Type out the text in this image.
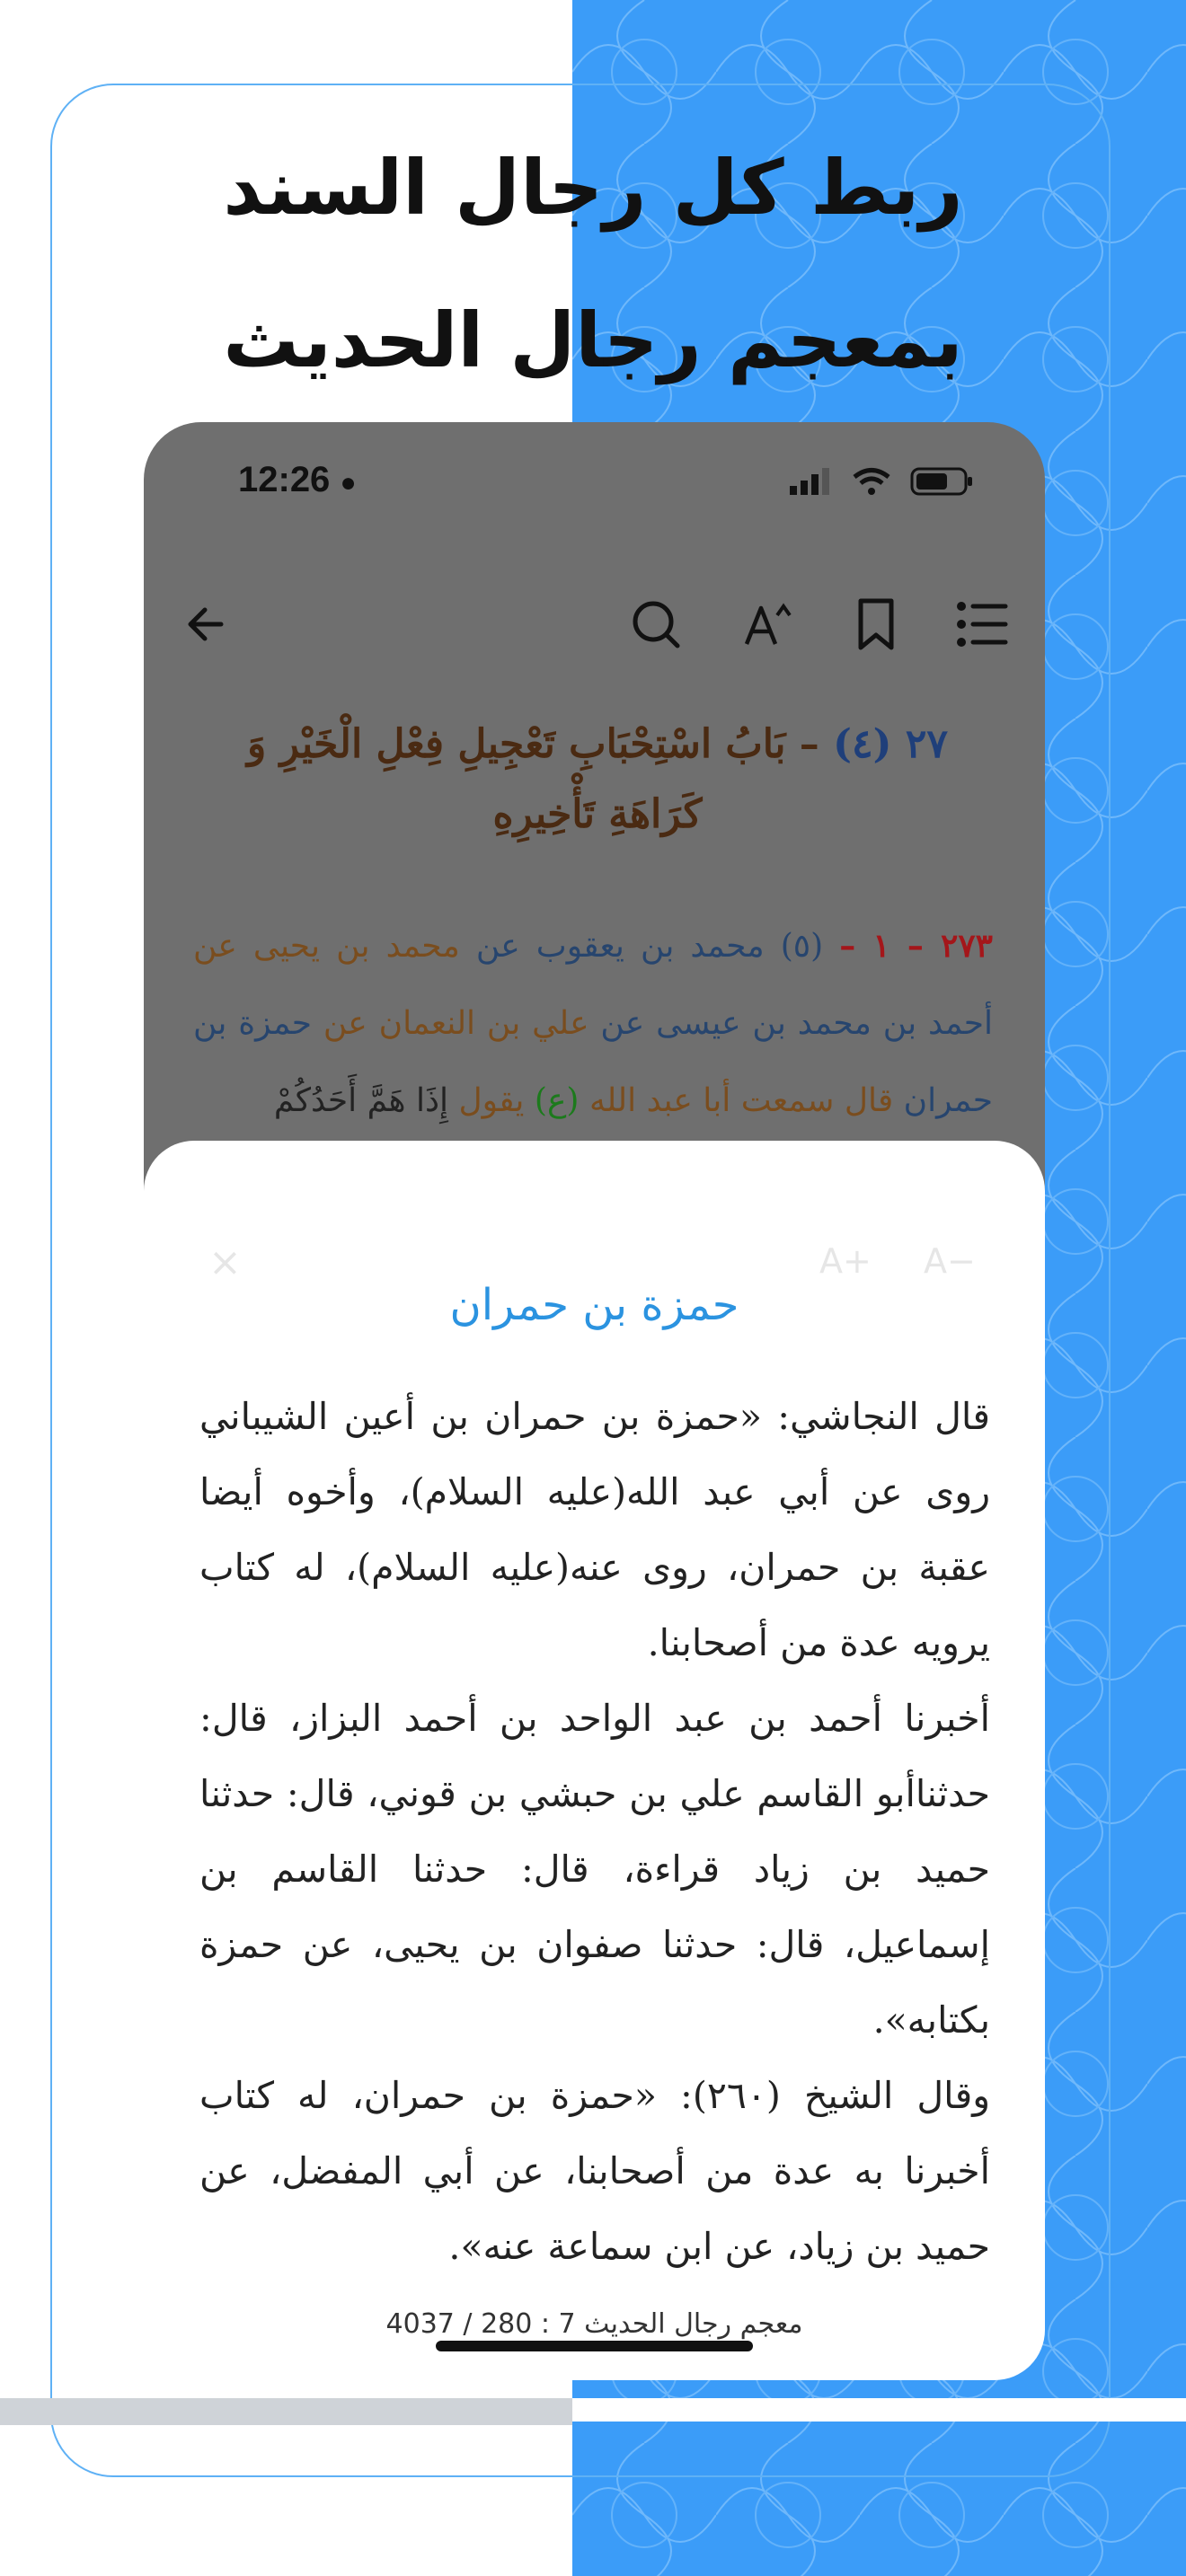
ربط كل رجال السند
بمعجم رجال الحديث
12:26 ●
٢٧ (٤) – بَابُ اسْتِحْبَابِ تَعْجِيلِ فِعْلِ الْخَيْرِ وَ كَرَاهَةِ تَأْخِيرِهِ
٢٧٣ – ١ – (٥) محمد بن يعقوب عن محمد بن يحيى عن أحمد بن محمد بن عيسى عن علي بن النعمان عن حمزة بن حمران قال سمعت أبا عبد الله (ع) يقول إِذَا هَمَّ أَحَدُكُمْ
×	A+ A−
حمزة بن حمران

قال النجاشي: «حمزة بن حمران بن أعين الشيباني روى عن أبي عبد الله(عليه السلام)، وأخوه أيضا عقبة بن حمران، روى عنه(عليه السلام)، له كتاب يرويه عدة من أصحابنا.

أخبرنا أحمد بن عبد الواحد بن أحمد البزاز، قال: حدثناأبو القاسم علي بن حبشي بن قوني، قال: حدثنا حميد بن زياد قراءة، قال: حدثنا القاسم بن إسماعيل، قال: حدثنا صفوان بن يحيى، عن حمزة بكتابه».

وقال الشيخ (٢٦٠): «حمزة بن حمران، له كتاب أخبرنا به عدة من أصحابنا، عن أبي المفضل، عن حميد بن زياد، عن ابن سماعة عنه».

معجم رجال الحديث 7 : 280 / 4037
